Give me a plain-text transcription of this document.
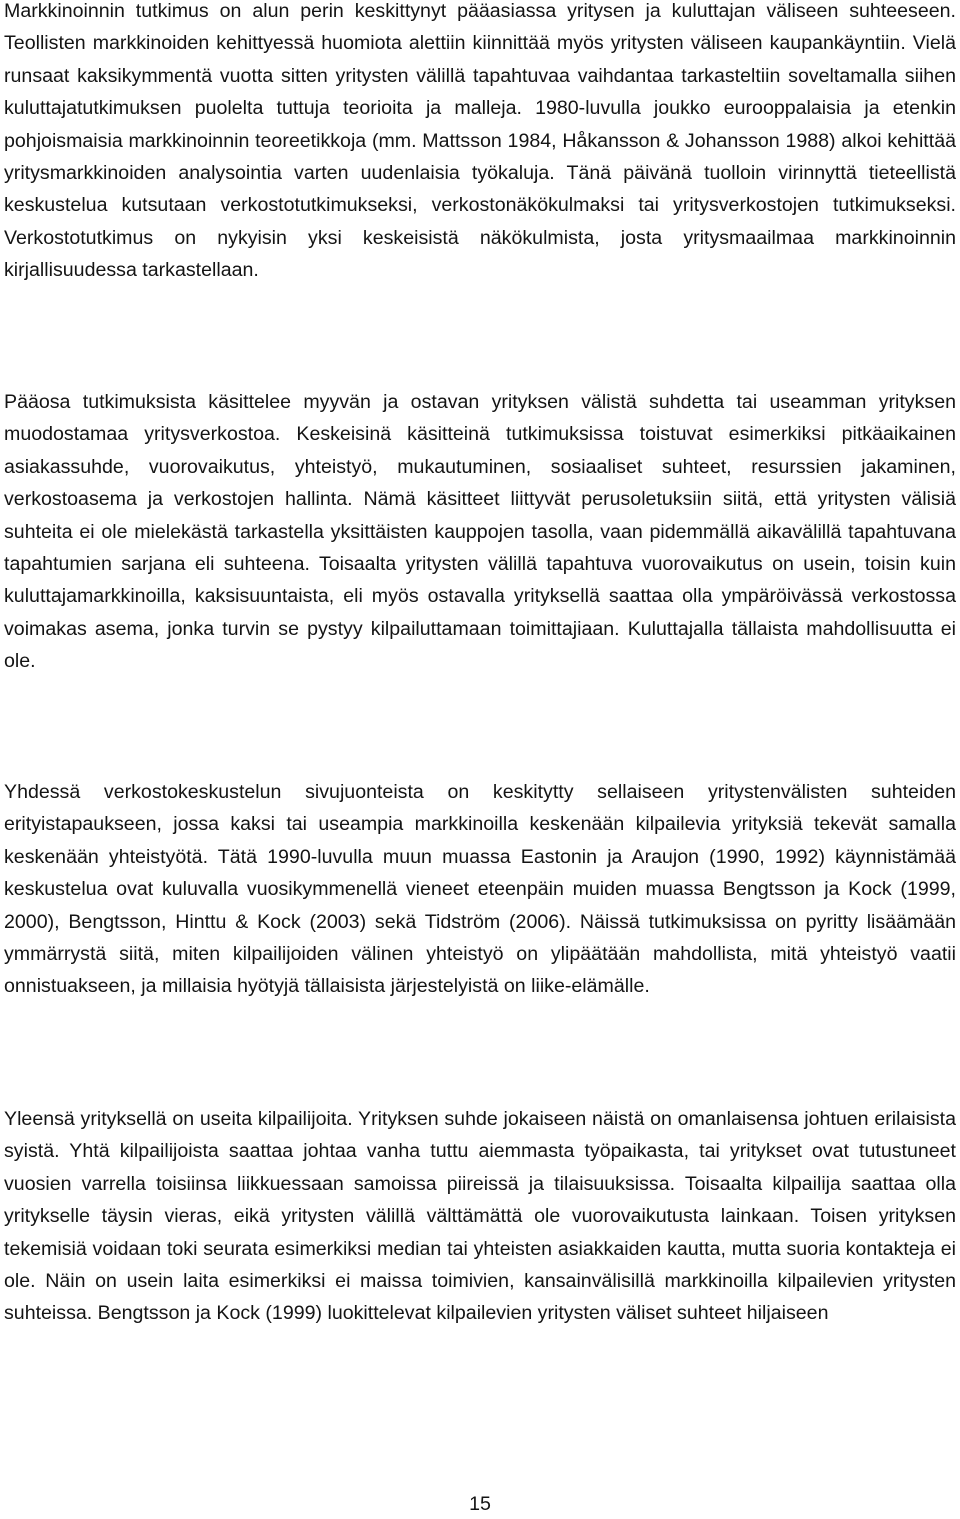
Markkinoinnin tutkimus on alun perin keskittynyt pääasiassa yritysen ja kuluttajan väliseen suhteeseen. Teollisten markkinoiden kehittyessä huomiota alettiin kiinnittää myös yritysten väliseen kaupankäyntiin. Vielä runsaat kaksikymmentä vuotta sitten yritysten välillä tapahtuvaa vaihdantaa tarkasteltiin soveltamalla siihen kuluttajatutkimuksen puolelta tuttuja teorioita ja malleja. 1980-luvulla joukko eurooppalaisia ja etenkin pohjoismaisia markkinoinnin teoreetikkoja (mm. Mattsson 1984, Håkansson & Johansson 1988) alkoi kehittää yritysmarkkinoiden analysointia varten uudenlaisia työkaluja. Tänä päivänä tuolloin virinnyttä tieteellistä keskustelua kutsutaan verkostotutkimukseksi, verkostonäkökulmaksi tai yritysverkostojen tutkimukseksi. Verkostotutkimus on nykyisin yksi keskeisistä näkökulmista, josta yritysmaailmaa markkinoinnin kirjallisuudessa tarkastellaan.

Pääosa tutkimuksista käsittelee myyvän ja ostavan yrityksen välistä suhdetta tai useamman yrityksen muodostamaa yritysverkostoa. Keskeisinä käsitteinä tutkimuksissa toistuvat esimerkiksi pitkäaikainen asiakassuhde, vuorovaikutus, yhteistyö, mukautuminen, sosiaaliset suhteet, resurssien jakaminen, verkostoasema ja verkostojen hallinta. Nämä käsitteet liittyvät perusoletuksiin siitä, että yritysten välisiä suhteita ei ole mielekästä tarkastella yksittäisten kauppojen tasolla, vaan pidemmällä aikavälillä tapahtuvana tapahtumien sarjana eli suhteena. Toisaalta yritysten välillä tapahtuva vuorovaikutus on usein, toisin kuin kuluttajamarkkinoilla, kaksisuuntaista, eli myös ostavalla yrityksellä saattaa olla ympäröivässä verkostossa voimakas asema, jonka turvin se pystyy kilpailuttamaan toimittajiaan. Kuluttajalla tällaista mahdollisuutta ei ole.

Yhdessä verkostokeskustelun sivujuonteista on keskitytty sellaiseen yritystenvälisten suhteiden erityistapaukseen, jossa kaksi tai useampia markkinoilla keskenään kilpailevia yrityksiä tekevät samalla keskenään yhteistyötä. Tätä 1990-luvulla muun muassa Eastonin ja Araujon (1990, 1992) käynnistämää keskustelua ovat kuluvalla vuosikymmenellä vieneet eteenpäin muiden muassa Bengtsson ja Kock (1999, 2000), Bengtsson, Hinttu & Kock (2003) sekä Tidström (2006). Näissä tutkimuksissa on pyritty lisäämään ymmärrystä siitä, miten kilpailijoiden välinen yhteistyö on ylipäätään mahdollista, mitä yhteistyö vaatii onnistuakseen, ja millaisia hyötyjä tällaisista järjestelyistä on liike-elämälle.

Yleensä yrityksellä on useita kilpailijoita. Yrityksen suhde jokaiseen näistä on omanlaisensa johtuen erilaisista syistä. Yhtä kilpailijoista saattaa johtaa vanha tuttu aiemmasta työpaikasta, tai yritykset ovat tutustuneet vuosien varrella toisiinsa liikkuessaan samoissa piireissä ja tilaisuuksissa. Toisaalta kilpailija saattaa olla yritykselle täysin vieras, eikä yritysten välillä välttämättä ole vuorovaikutusta lainkaan. Toisen yrityksen tekemisiä voidaan toki seurata esimerkiksi median tai yhteisten asiakkaiden kautta, mutta suoria kontakteja ei ole. Näin on usein laita esimerkiksi ei maissa toimivien, kansainvälisillä markkinoilla kilpailevien yritysten suhteissa. Bengtsson ja Kock (1999) luokittelevat kilpailevien yritysten väliset suhteet hiljaiseen

15
